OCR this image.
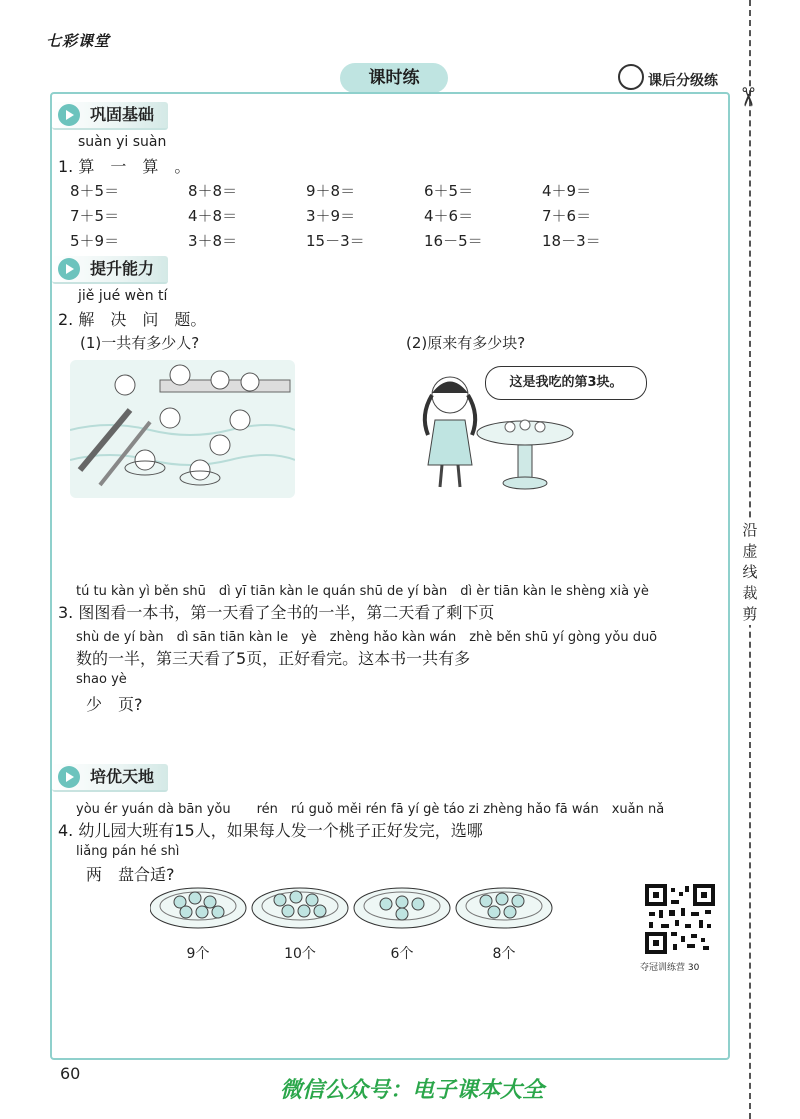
七彩课堂
课时练	课后分级练
✂
沿虚线裁剪
巩固基础
suàn yi suàn
1. 算　一　算　。
8＋5＝	8＋8＝	9＋8＝	6＋5＝	4＋9＝
7＋5＝	4＋8＝	3＋9＝	4＋6＝	7＋6＝
5＋9＝	3＋8＝	15－3＝	16－5＝	18－3＝
提升能力
jiě jué wèn tí
2. 解　决　问　题。
(1)一共有多少人?	(2)原来有多少块?
这是我吃的第3块。
tú tu kàn yì běn shū　dì yī tiān kàn le quán shū de yí bàn　dì èr tiān kàn le shèng xià yè
3. 图图看一本书，第一天看了全书的一半，第二天看了剩下页
shù de yí bàn　dì sān tiān kàn le　yè　zhèng hǎo kàn wán　zhè běn shū yí gòng yǒu duō
数的一半，第三天看了5页，正好看完。这本书一共有多
shao yè
少　页?
培优天地
yòu ér yuán dà bān yǒu　　rén　rú guǒ měi rén fā yí gè táo zi zhèng hǎo fā wán　xuǎn nǎ
4. 幼儿园大班有15人，如果每人发一个桃子正好发完，选哪
liǎng pán hé shì
两　盘合适?
9个	10个	6个	8个
夺冠训练营 30
60
微信公众号：电子课本大全
